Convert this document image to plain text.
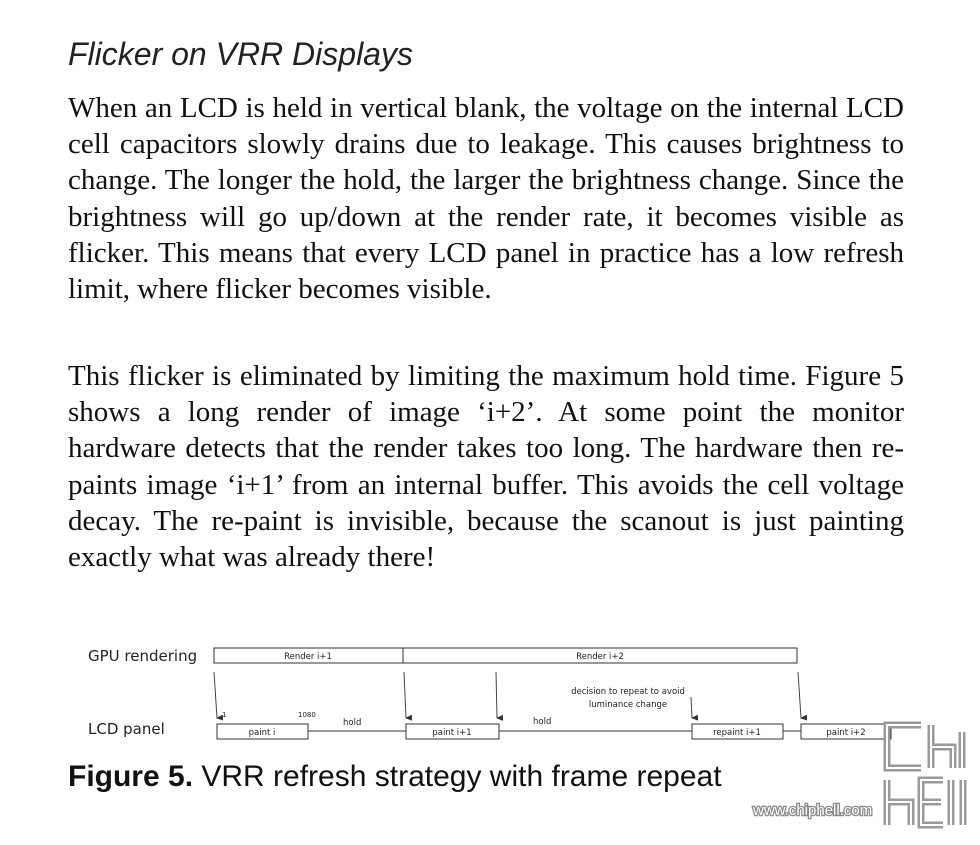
Flicker on VRR Displays

When an LCD is held in vertical blank, the voltage on the internal LCD cell capacitors slowly drains due to leakage. This causes brightness to change. The longer the hold, the larger the brightness change. Since the brightness will go up/down at the render rate, it becomes visible as flicker. This means that every LCD panel in practice has a low refresh limit, where flicker becomes visible.

This flicker is eliminated by limiting the maximum hold time. Figure 5 shows a long render of image ‘i+2’. At some point the monitor hardware detects that the render takes too long. The hardware then re-paints image ‘i+1’ from an internal buffer. This avoids the cell voltage decay. The re-paint is invisible, because the scanout is just painting exactly what was already there!

GPU rendering
LCD panel
Render i+1	Render i+2
decision to repeat to avoid
luminance change
1	1080
hold	hold
paint i	paint i+1	repaint i+1	paint i+2

Figure 5. VRR refresh strategy with frame repeat

www.chiphell.com
